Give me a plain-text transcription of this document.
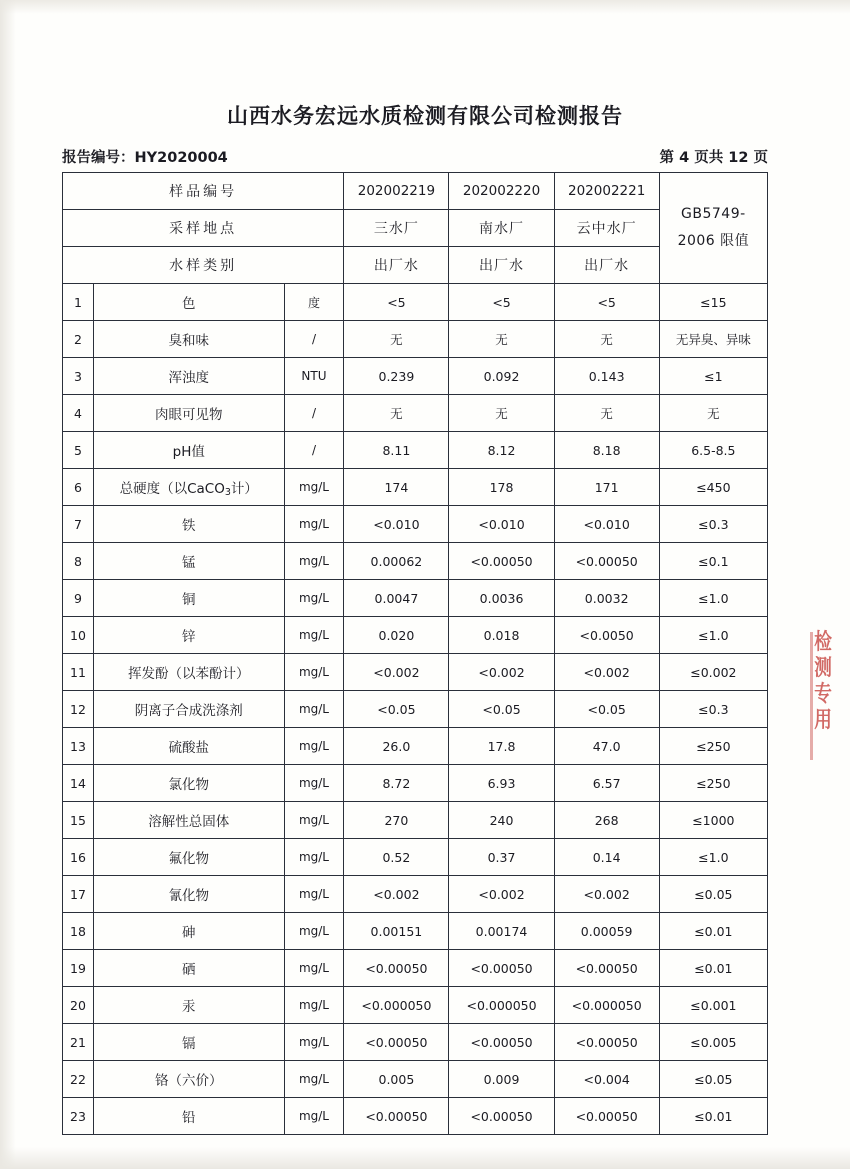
山西水务宏远水质检测有限公司检测报告
报告编号：HY2020004	第 4 页共 12 页
样品编号			202002219	202002220	202002221	GB5749-
2006 限值

采样地点			三水厂	南水厂	云中水厂	
水样类别			出厂水	出厂水	出厂水	
1	色	度	<5	<5	<5	≤15
2	臭和味	/	无	无	无	无异臭、异味
3	浑浊度	NTU	0.239	0.092	0.143	≤1
4	肉眼可见物	/	无	无	无	无
5	pH值	/	8.11	8.12	8.18	6.5-8.5
6	总硬度（以CaCO3计）	mg/L	174	178	171	≤450
7	铁	mg/L	<0.010	<0.010	<0.010	≤0.3
8	锰	mg/L	0.00062	<0.00050	<0.00050	≤0.1
9	铜	mg/L	0.0047	0.0036	0.0032	≤1.0
10	锌	mg/L	0.020	0.018	<0.0050	≤1.0
11	挥发酚（以苯酚计）	mg/L	<0.002	<0.002	<0.002	≤0.002
12	阴离子合成洗涤剂	mg/L	<0.05	<0.05	<0.05	≤0.3
13	硫酸盐	mg/L	26.0	17.8	47.0	≤250
14	氯化物	mg/L	8.72	6.93	6.57	≤250
15	溶解性总固体	mg/L	270	240	268	≤1000
16	氟化物	mg/L	0.52	0.37	0.14	≤1.0
17	氰化物	mg/L	<0.002	<0.002	<0.002	≤0.05
18	砷	mg/L	0.00151	0.00174	0.00059	≤0.01
19	硒	mg/L	<0.00050	<0.00050	<0.00050	≤0.01
20	汞	mg/L	<0.000050	<0.000050	<0.000050	≤0.001
21	镉	mg/L	<0.00050	<0.00050	<0.00050	≤0.005
22	铬（六价）	mg/L	0.005	0.009	<0.004	≤0.05
23	铅	mg/L	<0.00050	<0.00050	<0.00050	≤0.01
检
测
专
用
